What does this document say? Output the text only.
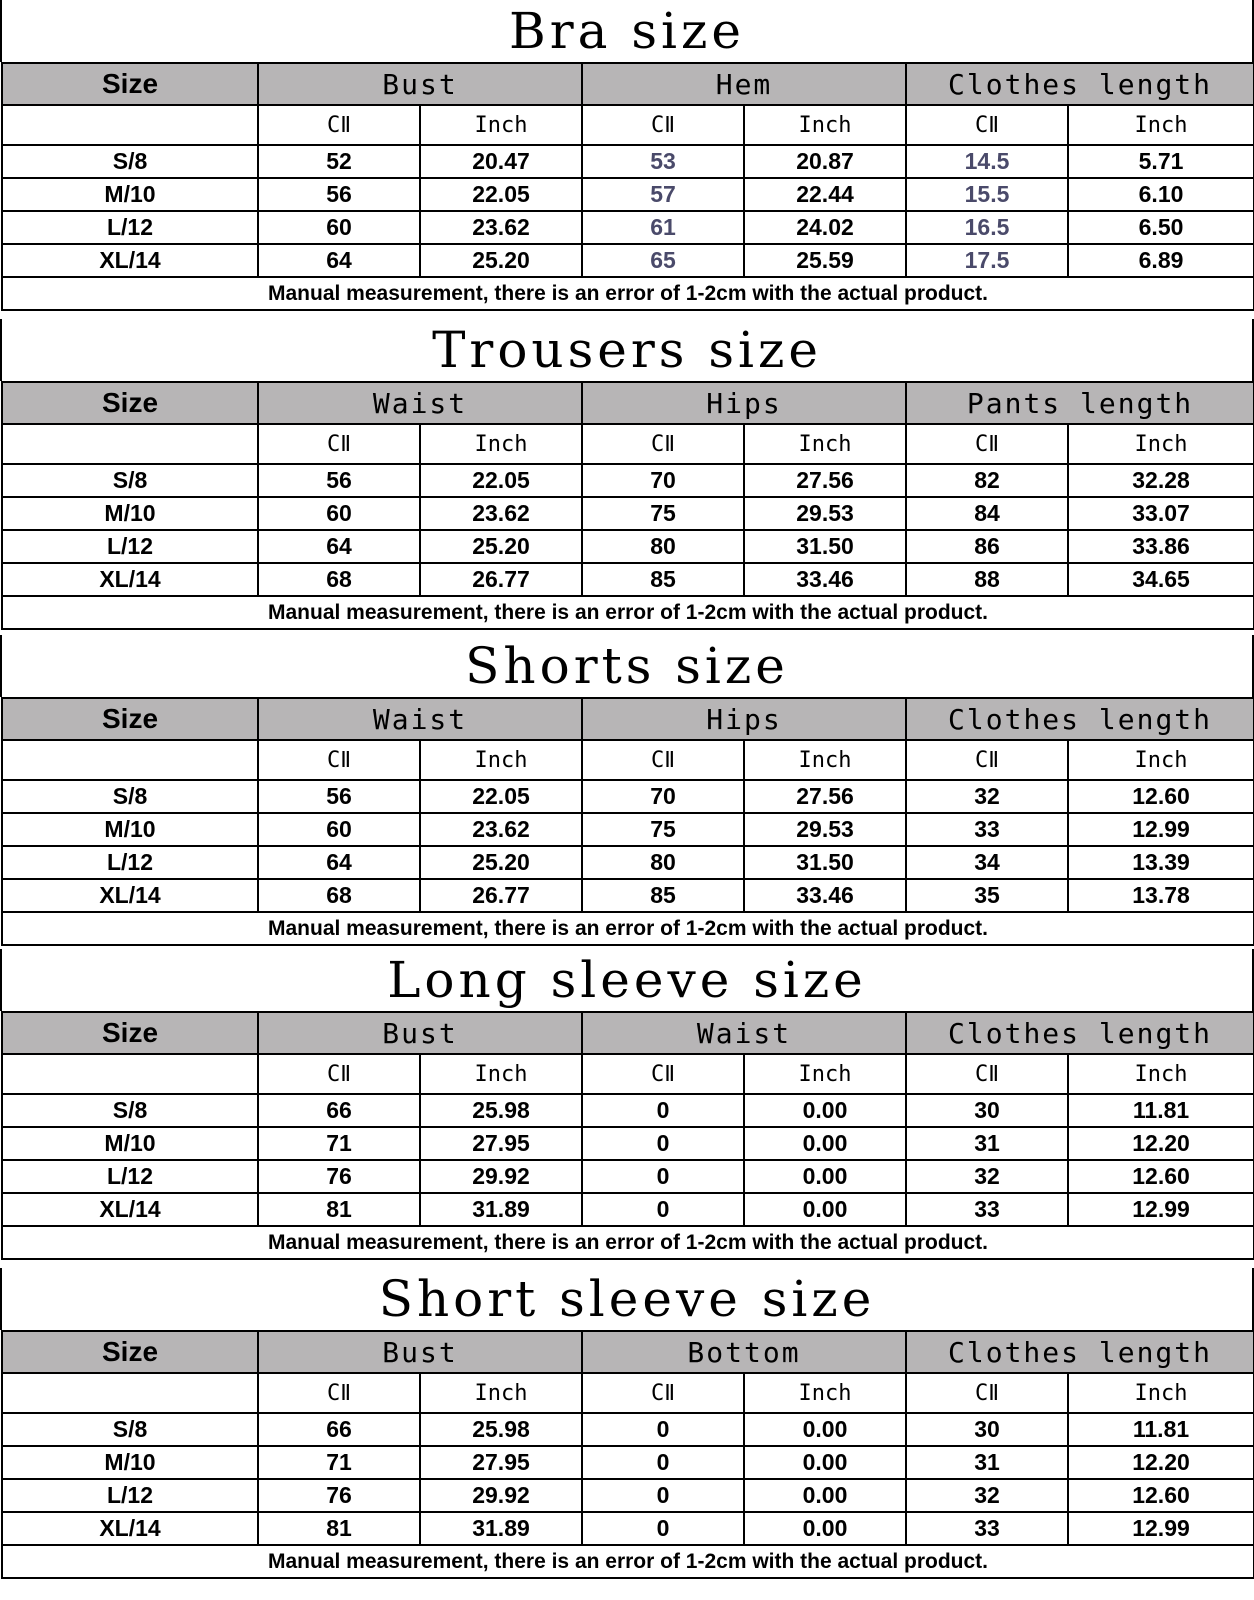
Bra size
Size	Bust		Hem		Clothes length	
	CⅡ	Inch	CⅡ	Inch	CⅡ	Inch
S/8	52	20.47	53	20.87	14.5	5.71
M/10	56	22.05	57	22.44	15.5	6.10
L/12	60	23.62	61	24.02	16.5	6.50
XL/14	64	25.20	65	25.59	17.5	6.89
Manual measurement, there is an error of 1-2cm with the actual product.						
Trousers size
Size	Waist		Hips		Pants length	
	CⅡ	Inch	CⅡ	Inch	CⅡ	Inch
S/8	56	22.05	70	27.56	82	32.28
M/10	60	23.62	75	29.53	84	33.07
L/12	64	25.20	80	31.50	86	33.86
XL/14	68	26.77	85	33.46	88	34.65
Manual measurement, there is an error of 1-2cm with the actual product.						
Shorts size
Size	Waist		Hips		Clothes length	
	CⅡ	Inch	CⅡ	Inch	CⅡ	Inch
S/8	56	22.05	70	27.56	32	12.60
M/10	60	23.62	75	29.53	33	12.99
L/12	64	25.20	80	31.50	34	13.39
XL/14	68	26.77	85	33.46	35	13.78
Manual measurement, there is an error of 1-2cm with the actual product.						
Long sleeve size
Size	Bust		Waist		Clothes length	
	CⅡ	Inch	CⅡ	Inch	CⅡ	Inch
S/8	66	25.98	0	0.00	30	11.81
M/10	71	27.95	0	0.00	31	12.20
L/12	76	29.92	0	0.00	32	12.60
XL/14	81	31.89	0	0.00	33	12.99
Manual measurement, there is an error of 1-2cm with the actual product.						
Short sleeve size
Size	Bust		Bottom		Clothes length	
	CⅡ	Inch	CⅡ	Inch	CⅡ	Inch
S/8	66	25.98	0	0.00	30	11.81
M/10	71	27.95	0	0.00	31	12.20
L/12	76	29.92	0	0.00	32	12.60
XL/14	81	31.89	0	0.00	33	12.99
Manual measurement, there is an error of 1-2cm with the actual product.						
